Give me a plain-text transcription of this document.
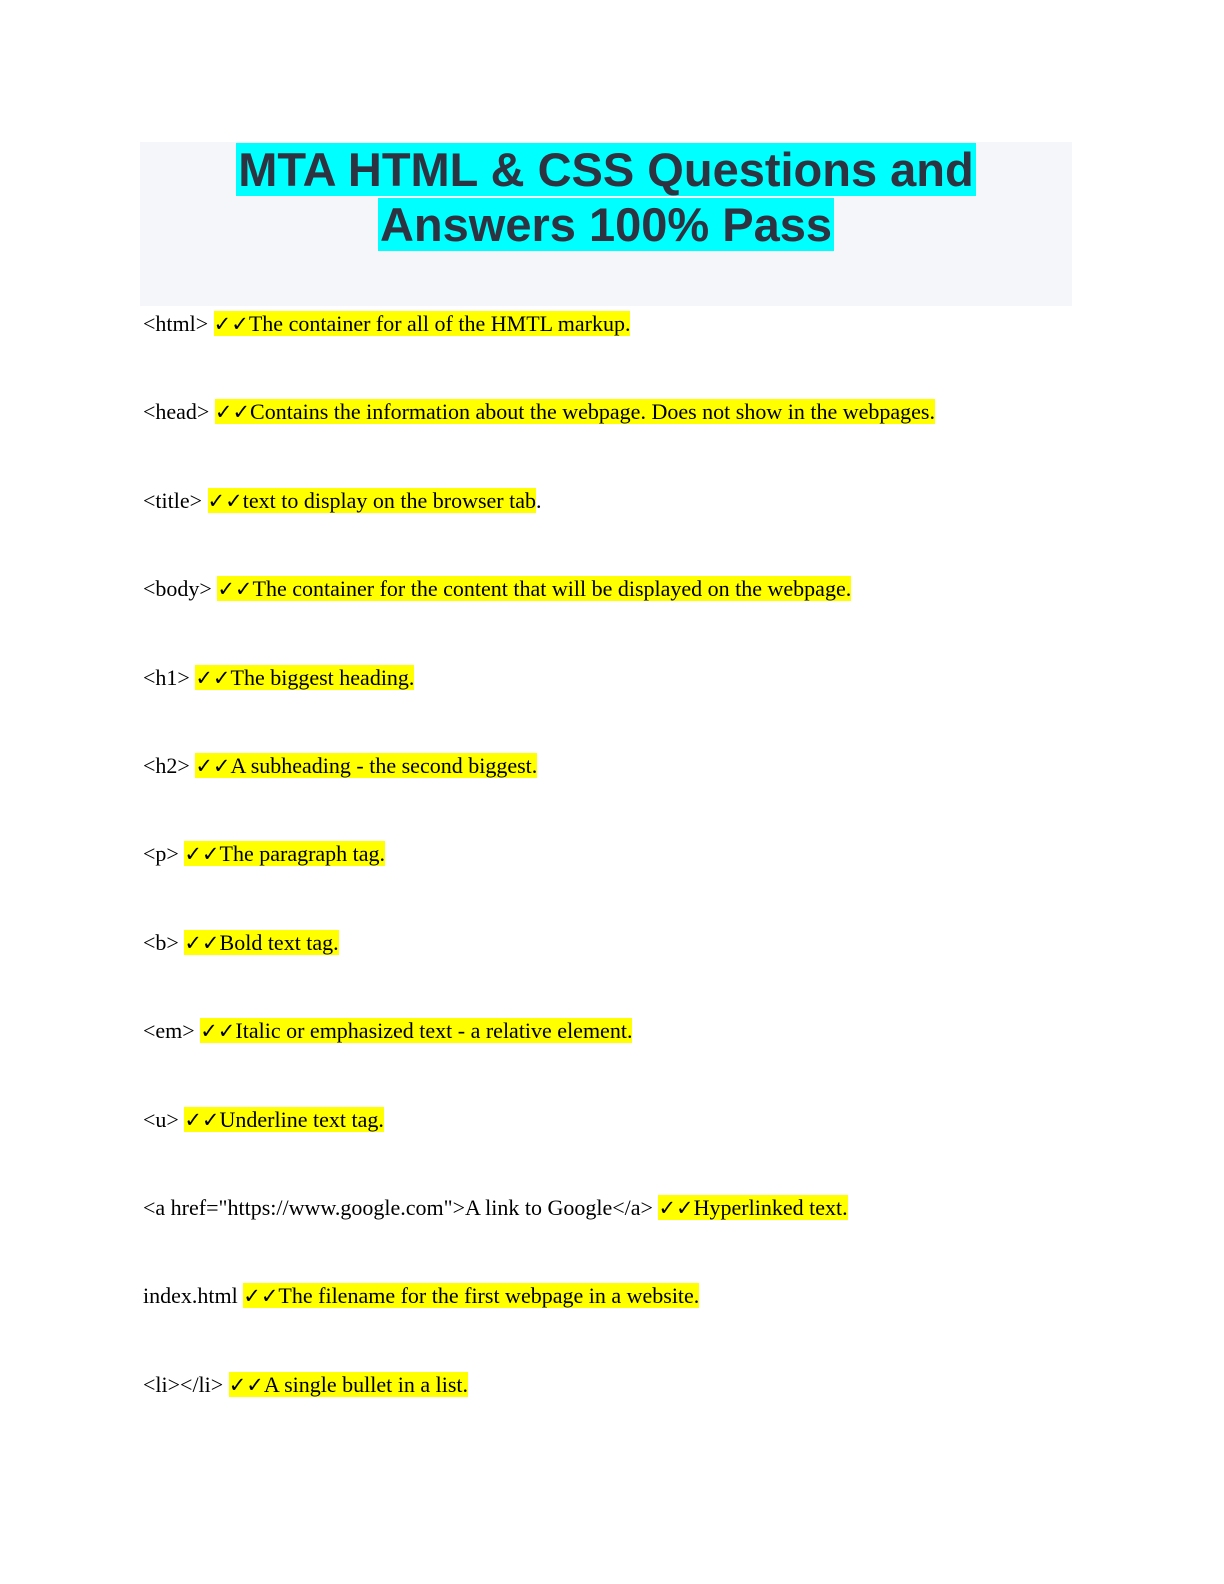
MTA HTML & CSS Questions and
Answers 100% Pass
<html> ✓✓The container for all of the HMTL markup.
<head> ✓✓Contains the information about the webpage. Does not show in the webpages.
<title> ✓✓text to display on the browser tab.
<body> ✓✓The container for the content that will be displayed on the webpage.
<h1> ✓✓The biggest heading.
<h2> ✓✓A subheading - the second biggest.
<p> ✓✓The paragraph tag.
<b> ✓✓Bold text tag.
<em> ✓✓Italic or emphasized text - a relative element.
<u> ✓✓Underline text tag.
<a href="https://www.google.com">A link to Google</a> ✓✓Hyperlinked text.
index.html ✓✓The filename for the first webpage in a website.
<li></li> ✓✓A single bullet in a list.
